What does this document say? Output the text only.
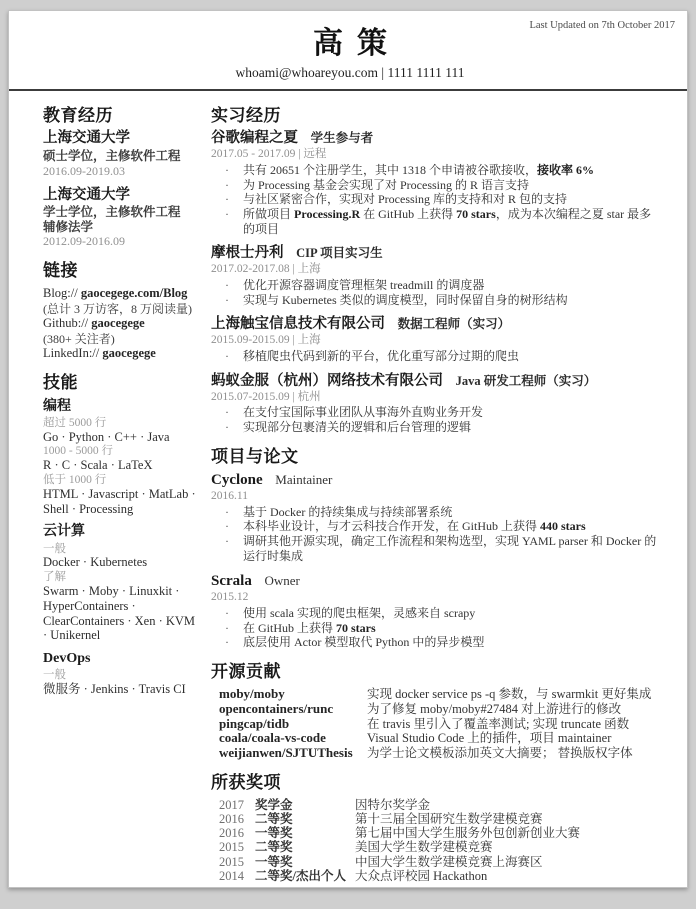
Last Updated on 7th October 2017
高策
whoami@whoareyou.com | 1111 1111 111
教育经历
上海交通大学
硕士学位，主修软件工程
2016.09-2019.03
上海交通大学
学士学位，主修软件工程
辅修法学
2012.09-2016.09
链接
Blog:// gaocegege.com/Blog
(总计 3 万访客，8 万阅读量)
Github:// gaocegege
(380+ 关注者)
LinkedIn:// gaocegege
技能
编程
超过 5000 行
Go · Python · C++ · Java
1000 - 5000 行
R · C · Scala · LaTeX
低于 1000 行
HTML · Javascript · MatLab · Shell · Processing
云计算
一般
Docker · Kubernetes
了解
Swarm · Moby · Linuxkit · HyperContainers · ClearContainers · Xen · KVM · Unikernel
DevOps
一般
微服务 · Jenkins · Travis CI
实习经历
谷歌编程之夏 学生参与者
2017.05 - 2017.09 | 远程
· 共有 20651 个注册学生，其中 1318 个申请被谷歌接收，接收率 6%
· 为 Processing 基金会实现了对 Processing 的 R 语言支持
· 与社区紧密合作，实现对 Processing 库的支持和对 R 包的支持
· 所做项目 Processing.R 在 GitHub 上获得 70 stars，成为本次编程之夏 star 最多的项目
摩根士丹利 CIP 项目实习生
2017.02-2017.08 | 上海
· 优化开源容器调度管理框架 treadmill 的调度器
· 实现与 Kubernetes 类似的调度模型，同时保留自身的树形结构
上海触宝信息技术有限公司 数据工程师（实习）
2015.09-2015.09 | 上海
· 移植爬虫代码到新的平台，优化重写部分过期的爬虫
蚂蚁金服（杭州）网络技术有限公司 Java 研发工程师（实习）
2015.07-2015.09 | 杭州
· 在支付宝国际事业团队从事海外直购业务开发
· 实现部分包裹清关的逻辑和后台管理的逻辑
项目与论文
Cyclone Maintainer
2016.11
· 基于 Docker 的持续集成与持续部署系统
· 本科毕业设计，与才云科技合作开发，在 GitHub 上获得 440 stars
· 调研其他开源实现，确定工作流程和架构选型，实现 YAML parser 和 Docker 的运行时集成
Scrala Owner
2015.12
· 使用 scala 实现的爬虫框架，灵感来自 scrapy
· 在 GitHub 上获得 70 stars
· 底层使用 Actor 模型取代 Python 中的异步模型
开源贡献
moby/moby	实现 docker service ps -q 参数，与 swarmkit 更好集成
opencontainers/runc	为了修复 moby/moby#27484 对上游进行的修改
pingcap/tidb	在 travis 里引入了覆盖率测试; 实现 truncate 函数
coala/coala-vs-code	Visual Studio Code 上的插件，项目 maintainer
weijianwen/SJTUThesis	为学士论文模板添加英文大摘要； 替换版权字体
所获奖项
2017 奖学金	因特尔奖学金
2016 二等奖	第十三届全国研究生数学建模竞赛
2016 一等奖	第七届中国大学生服务外包创新创业大赛
2015 二等奖	美国大学生数学建模竞赛
2015 一等奖	中国大学生数学建模竞赛上海赛区
2014 二等奖/杰出个人 大众点评校园 Hackathon
